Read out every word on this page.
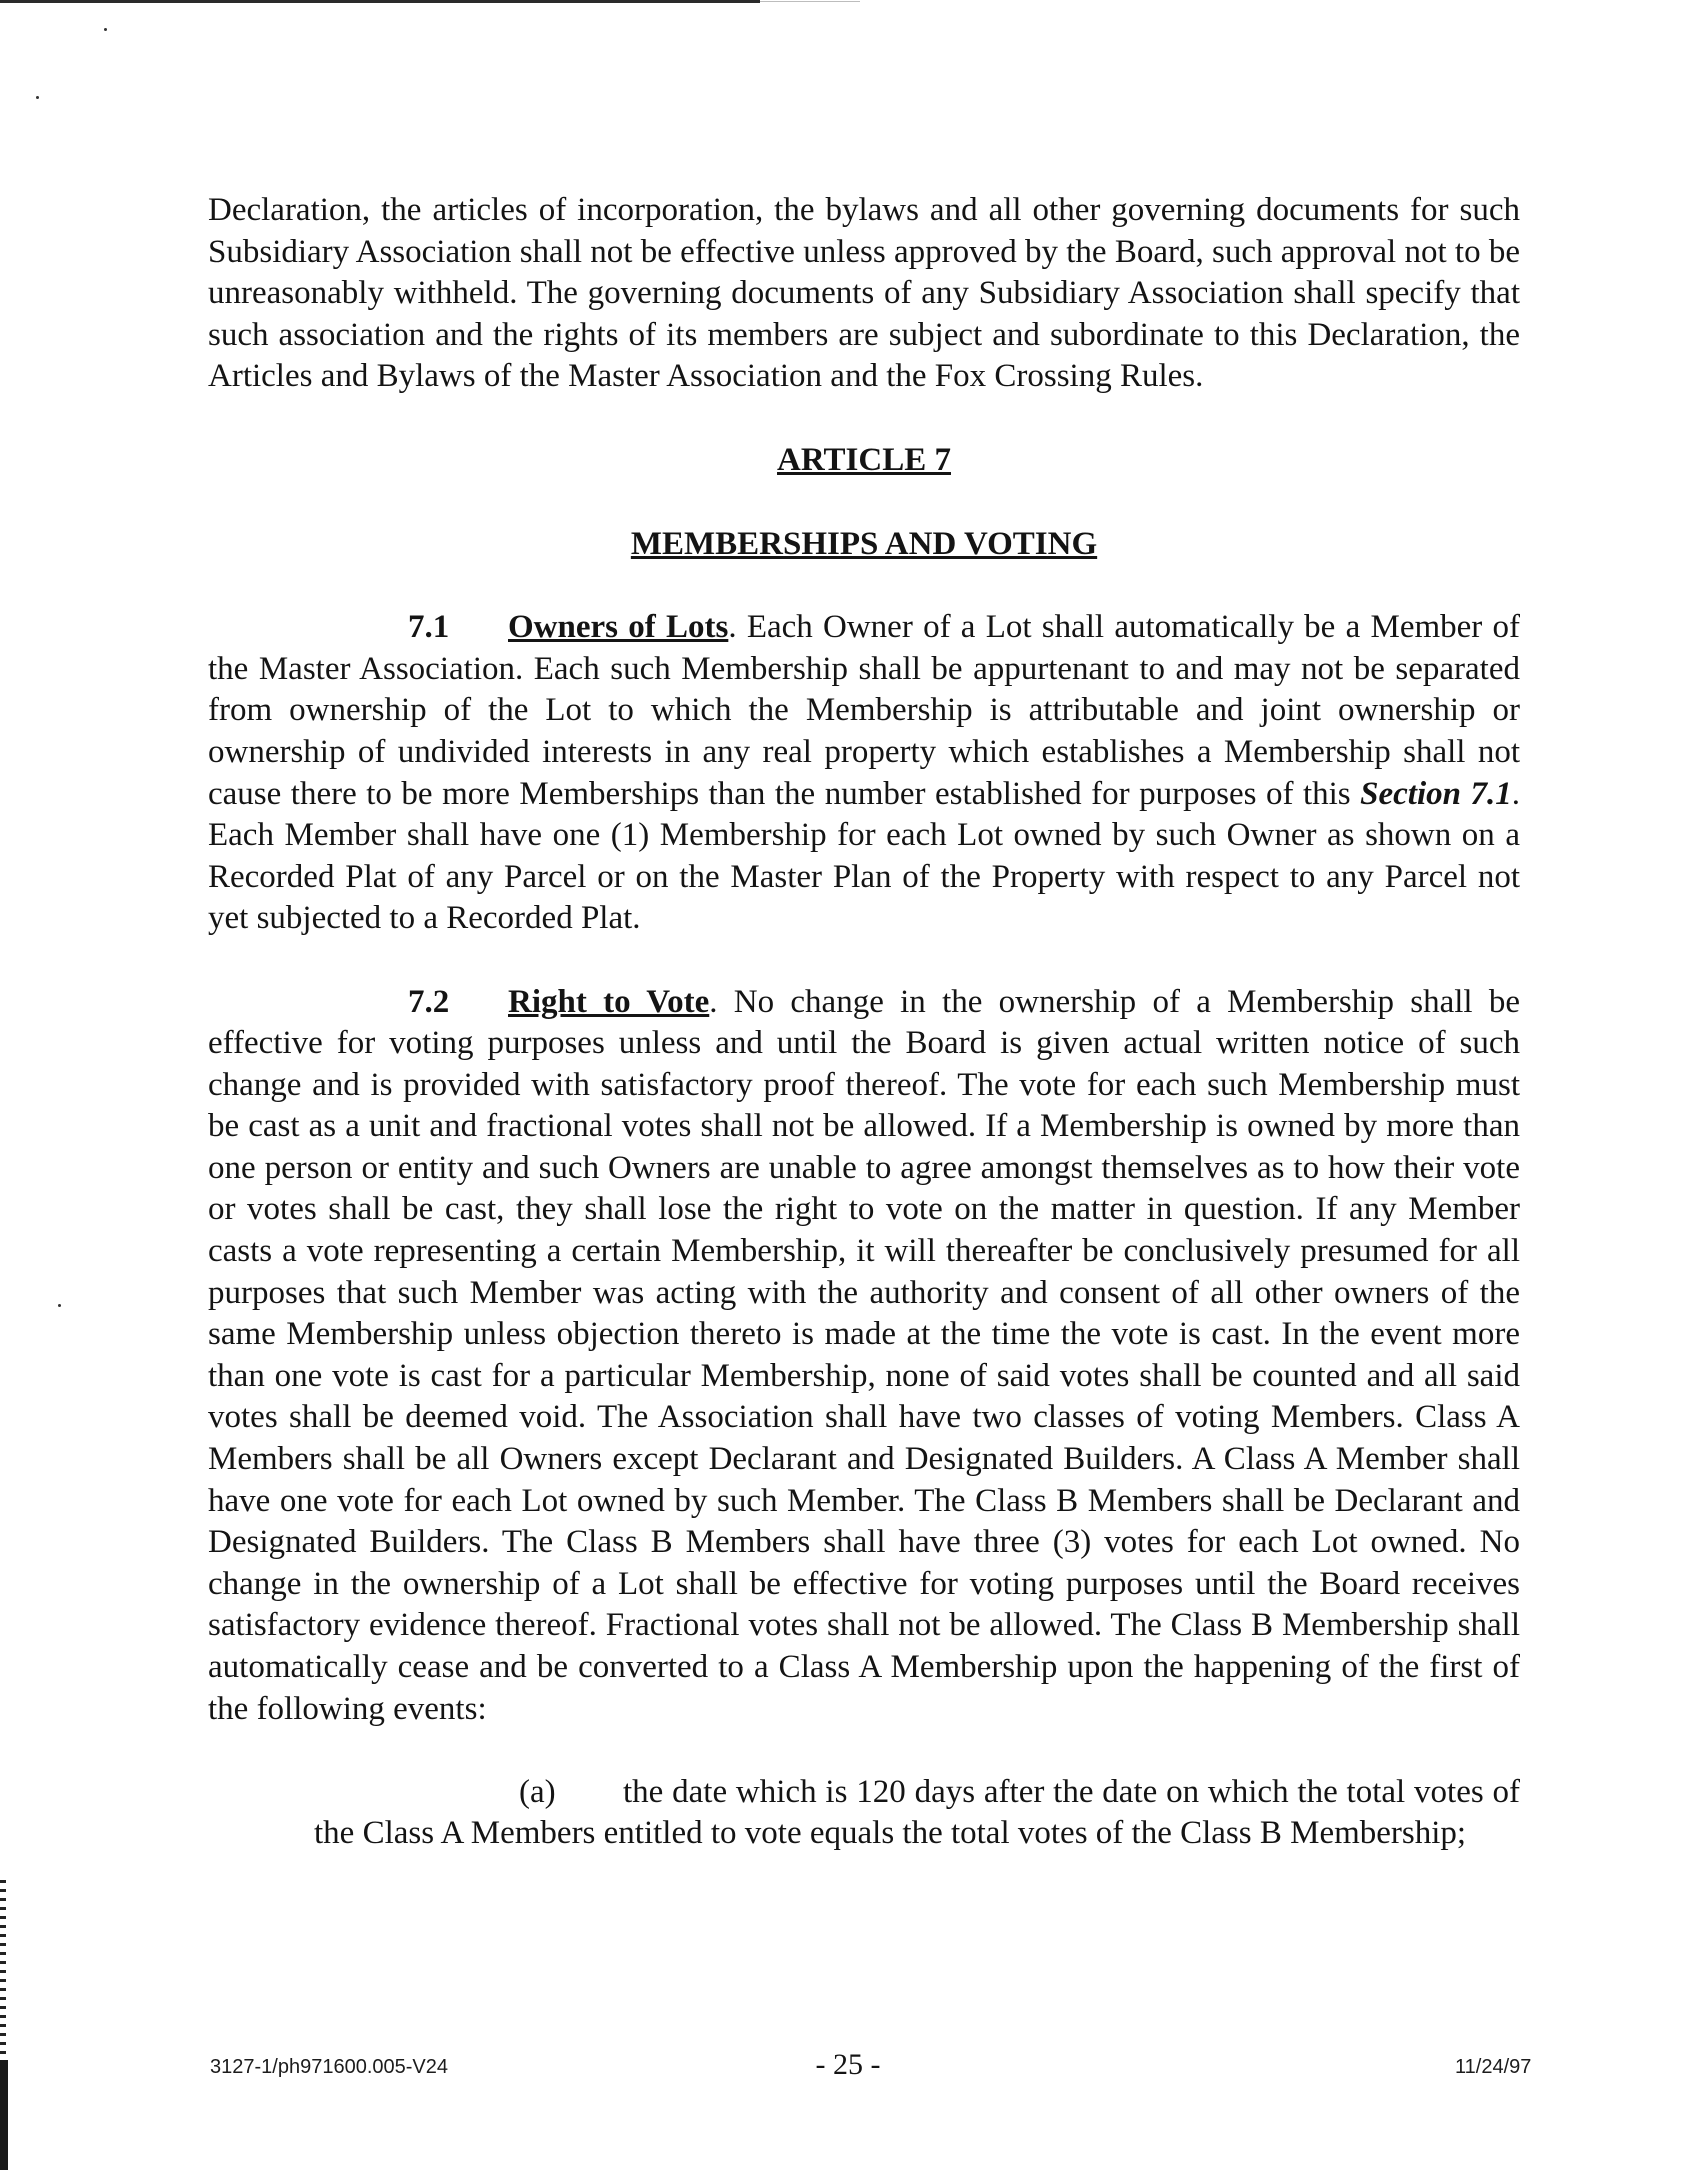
Declaration, the articles of incorporation, the bylaws and all other governing documents for such Subsidiary Association shall not be effective unless approved by the Board, such approval not to be unreasonably withheld. The governing documents of any Subsidiary Association shall specify that such association and the rights of its members are subject and subordinate to this Declaration, the Articles and Bylaws of the Master Association and the Fox Crossing Rules.

ARTICLE 7
MEMBERSHIPS AND VOTING

7.1 Owners of Lots. Each Owner of a Lot shall automatically be a Member of the Master Association. Each such Membership shall be appurtenant to and may not be separated from ownership of the Lot to which the Membership is attributable and joint ownership or ownership of undivided interests in any real property which establishes a Membership shall not cause there to be more Memberships than the number established for purposes of this Section 7.1. Each Member shall have one (1) Membership for each Lot owned by such Owner as shown on a Recorded Plat of any Parcel or on the Master Plan of the Property with respect to any Parcel not yet subjected to a Recorded Plat.

7.2 Right to Vote. No change in the ownership of a Membership shall be effective for voting purposes unless and until the Board is given actual written notice of such change and is provided with satisfactory proof thereof. The vote for each such Membership must be cast as a unit and fractional votes shall not be allowed. If a Membership is owned by more than one person or entity and such Owners are unable to agree amongst themselves as to how their vote or votes shall be cast, they shall lose the right to vote on the matter in question. If any Member casts a vote representing a certain Membership, it will thereafter be conclusively presumed for all purposes that such Member was acting with the authority and consent of all other owners of the same Membership unless objection thereto is made at the time the vote is cast. In the event more than one vote is cast for a particular Membership, none of said votes shall be counted and all said votes shall be deemed void. The Association shall have two classes of voting Members. Class A Members shall be all Owners except Declarant and Designated Builders. A Class A Member shall have one vote for each Lot owned by such Member. The Class B Members shall be Declarant and Designated Builders. The Class B Members shall have three (3) votes for each Lot owned. No change in the ownership of a Lot shall be effective for voting purposes until the Board receives satisfactory evidence thereof. Fractional votes shall not be allowed. The Class B Membership shall automatically cease and be converted to a Class A Membership upon the happening of the first of the following events:

(a) the date which is 120 days after the date on which the total votes of the Class A Members entitled to vote equals the total votes of the Class B Membership;

3127-1/ph971600.005-V24	- 25 -	11/24/97
